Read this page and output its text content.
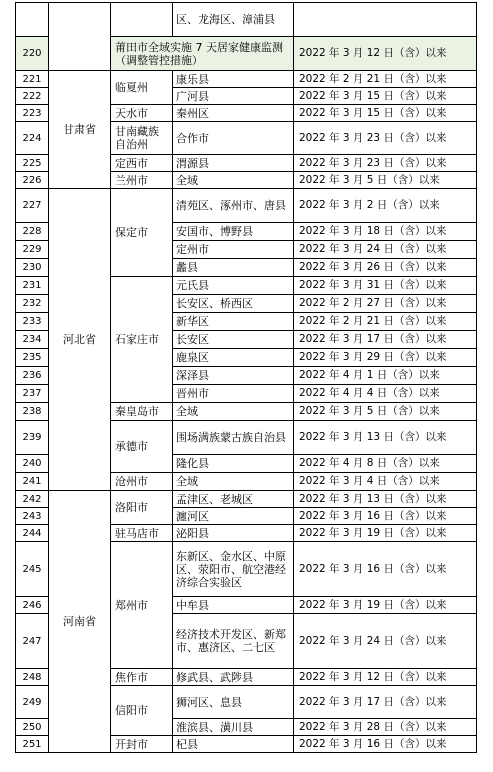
			区、龙海区、漳浦县	
220		莆田市全域实施 7 天居家健康监测（调整管控措施）		2022 年 3 月 12 日（含）以来
221	甘肃省	临夏州	康乐县	2022 年 2 月 21 日（含）以来
222			广河县	2022 年 3 月 15 日（含）以来
223		天水市	秦州区	2022 年 3 月 15 日（含）以来
224		甘南藏族自治州	合作市	2022 年 3 月 23 日（含）以来
225		定西市	渭源县	2022 年 3 月 23 日（含）以来
226		兰州市	全域	2022 年 3 月 5 日（含）以来
227	河北省	保定市	清苑区、涿州市、唐县	2022 年 3 月 2 日（含）以来
228			安国市、博野县	2022 年 3 月 18 日（含）以来
229			定州市	2022 年 3 月 24 日（含）以来
230			蠡县	2022 年 3 月 26 日（含）以来
231		石家庄市	元氏县	2022 年 3 月 31 日（含）以来
232			长安区、桥西区	2022 年 2 月 27 日（含）以来
233			新华区	2022 年 2 月 21 日（含）以来
234			长安区	2022 年 3 月 17 日（含）以来
235			鹿泉区	2022 年 3 月 29 日（含）以来
236			深泽县	2022 年 4 月 1 日（含）以来
237			晋州市	2022 年 4 月 4 日（含）以来
238		秦皇岛市	全域	2022 年 3 月 5 日（含）以来
239		承德市	围场满族蒙古族自治县	2022 年 3 月 13 日（含）以来
240			隆化县	2022 年 4 月 8 日（含）以来
241		沧州市	全域	2022 年 3 月 4 日（含）以来
242	河南省	洛阳市	孟津区、老城区	2022 年 3 月 13 日（含）以来
243			瀍河区	2022 年 3 月 16 日（含）以来
244		驻马店市	泌阳县	2022 年 3 月 19 日（含）以来
245		郑州市	东新区、金水区、中原区、荥阳市、航空港经济综合实验区	2022 年 3 月 16 日（含）以来
246			中牟县	2022 年 3 月 19 日（含）以来
247			经济技术开发区、新郑市、惠济区、二七区	2022 年 3 月 24 日（含）以来
248		焦作市	修武县、武陟县	2022 年 3 月 12 日（含）以来
249		信阳市	狮河区、息县	2022 年 3 月 17 日（含）以来
250			淮滨县、潢川县	2022 年 3 月 28 日（含）以来
251		开封市	杞县	2022 年 3 月 16 日（含）以来
